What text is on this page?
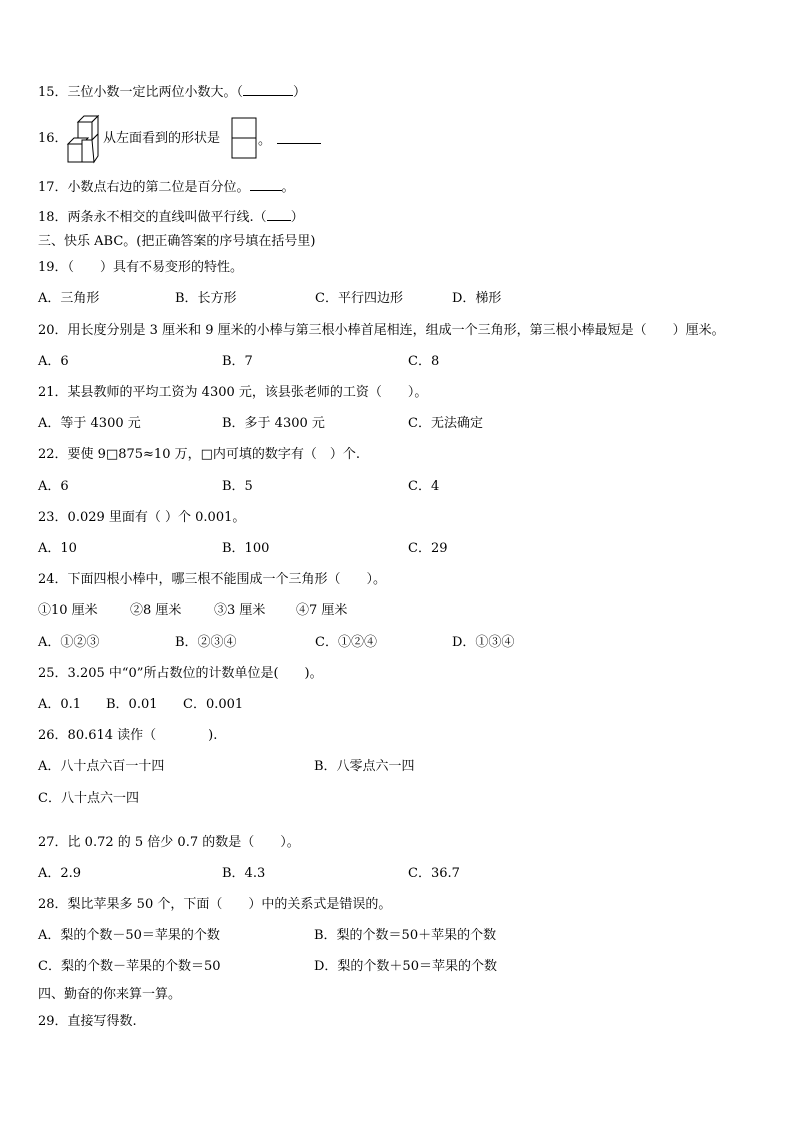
15．三位小数一定比两位小数大。（	）
16．	从左面看到的形状是	。
17．小数点右边的第二位是百分位。 。
18．两条永不相交的直线叫做平行线.（ ）
三、快乐 ABC。(把正确答案的序号填在括号里)
19．（　　）具有不易变形的特性。
A．三角形	B．长方形	C．平行四边形	D．梯形
20．用长度分别是 3 厘米和 9 厘米的小棒与第三根小棒首尾相连，组成一个三角形，第三根小棒最短是（　　）厘米。
A．6	B．7	C．8
21．某县教师的平均工资为 4300 元，该县张老师的工资（　　）。
A．等于 4300 元	B．多于 4300 元	C．无法确定
22．要使 9□875≈10 万，□内可填的数字有（　）个.
A．6	B．5	C．4
23．0.029 里面有（ ）个 0.001。
A．10	B．100	C．29
24．下面四根小棒中，哪三根不能围成一个三角形（　　）。
①10 厘米 ②8 厘米	③3 厘米 ④7 厘米
A．①②③	B．②③④	C．①②④	D．①③④
25．3.205 中“0”所占数位的计数单位是(　　)。
A．0.1 B．0.01 C．0.001
26．80.614 读作（　　　　).
A．八十点六百一十四	B．八零点六一四
C．八十点六一四
27．比 0.72 的 5 倍少 0.7 的数是（　　）。
A．2.9	B．4.3	C．36.7
28．梨比苹果多 50 个，下面（　　）中的关系式是错误的。
A．梨的个数－50＝苹果的个数	B．梨的个数＝50＋苹果的个数
C．梨的个数－苹果的个数＝50	D．梨的个数＋50＝苹果的个数
四、勤奋的你来算一算。
29．直接写得数.
